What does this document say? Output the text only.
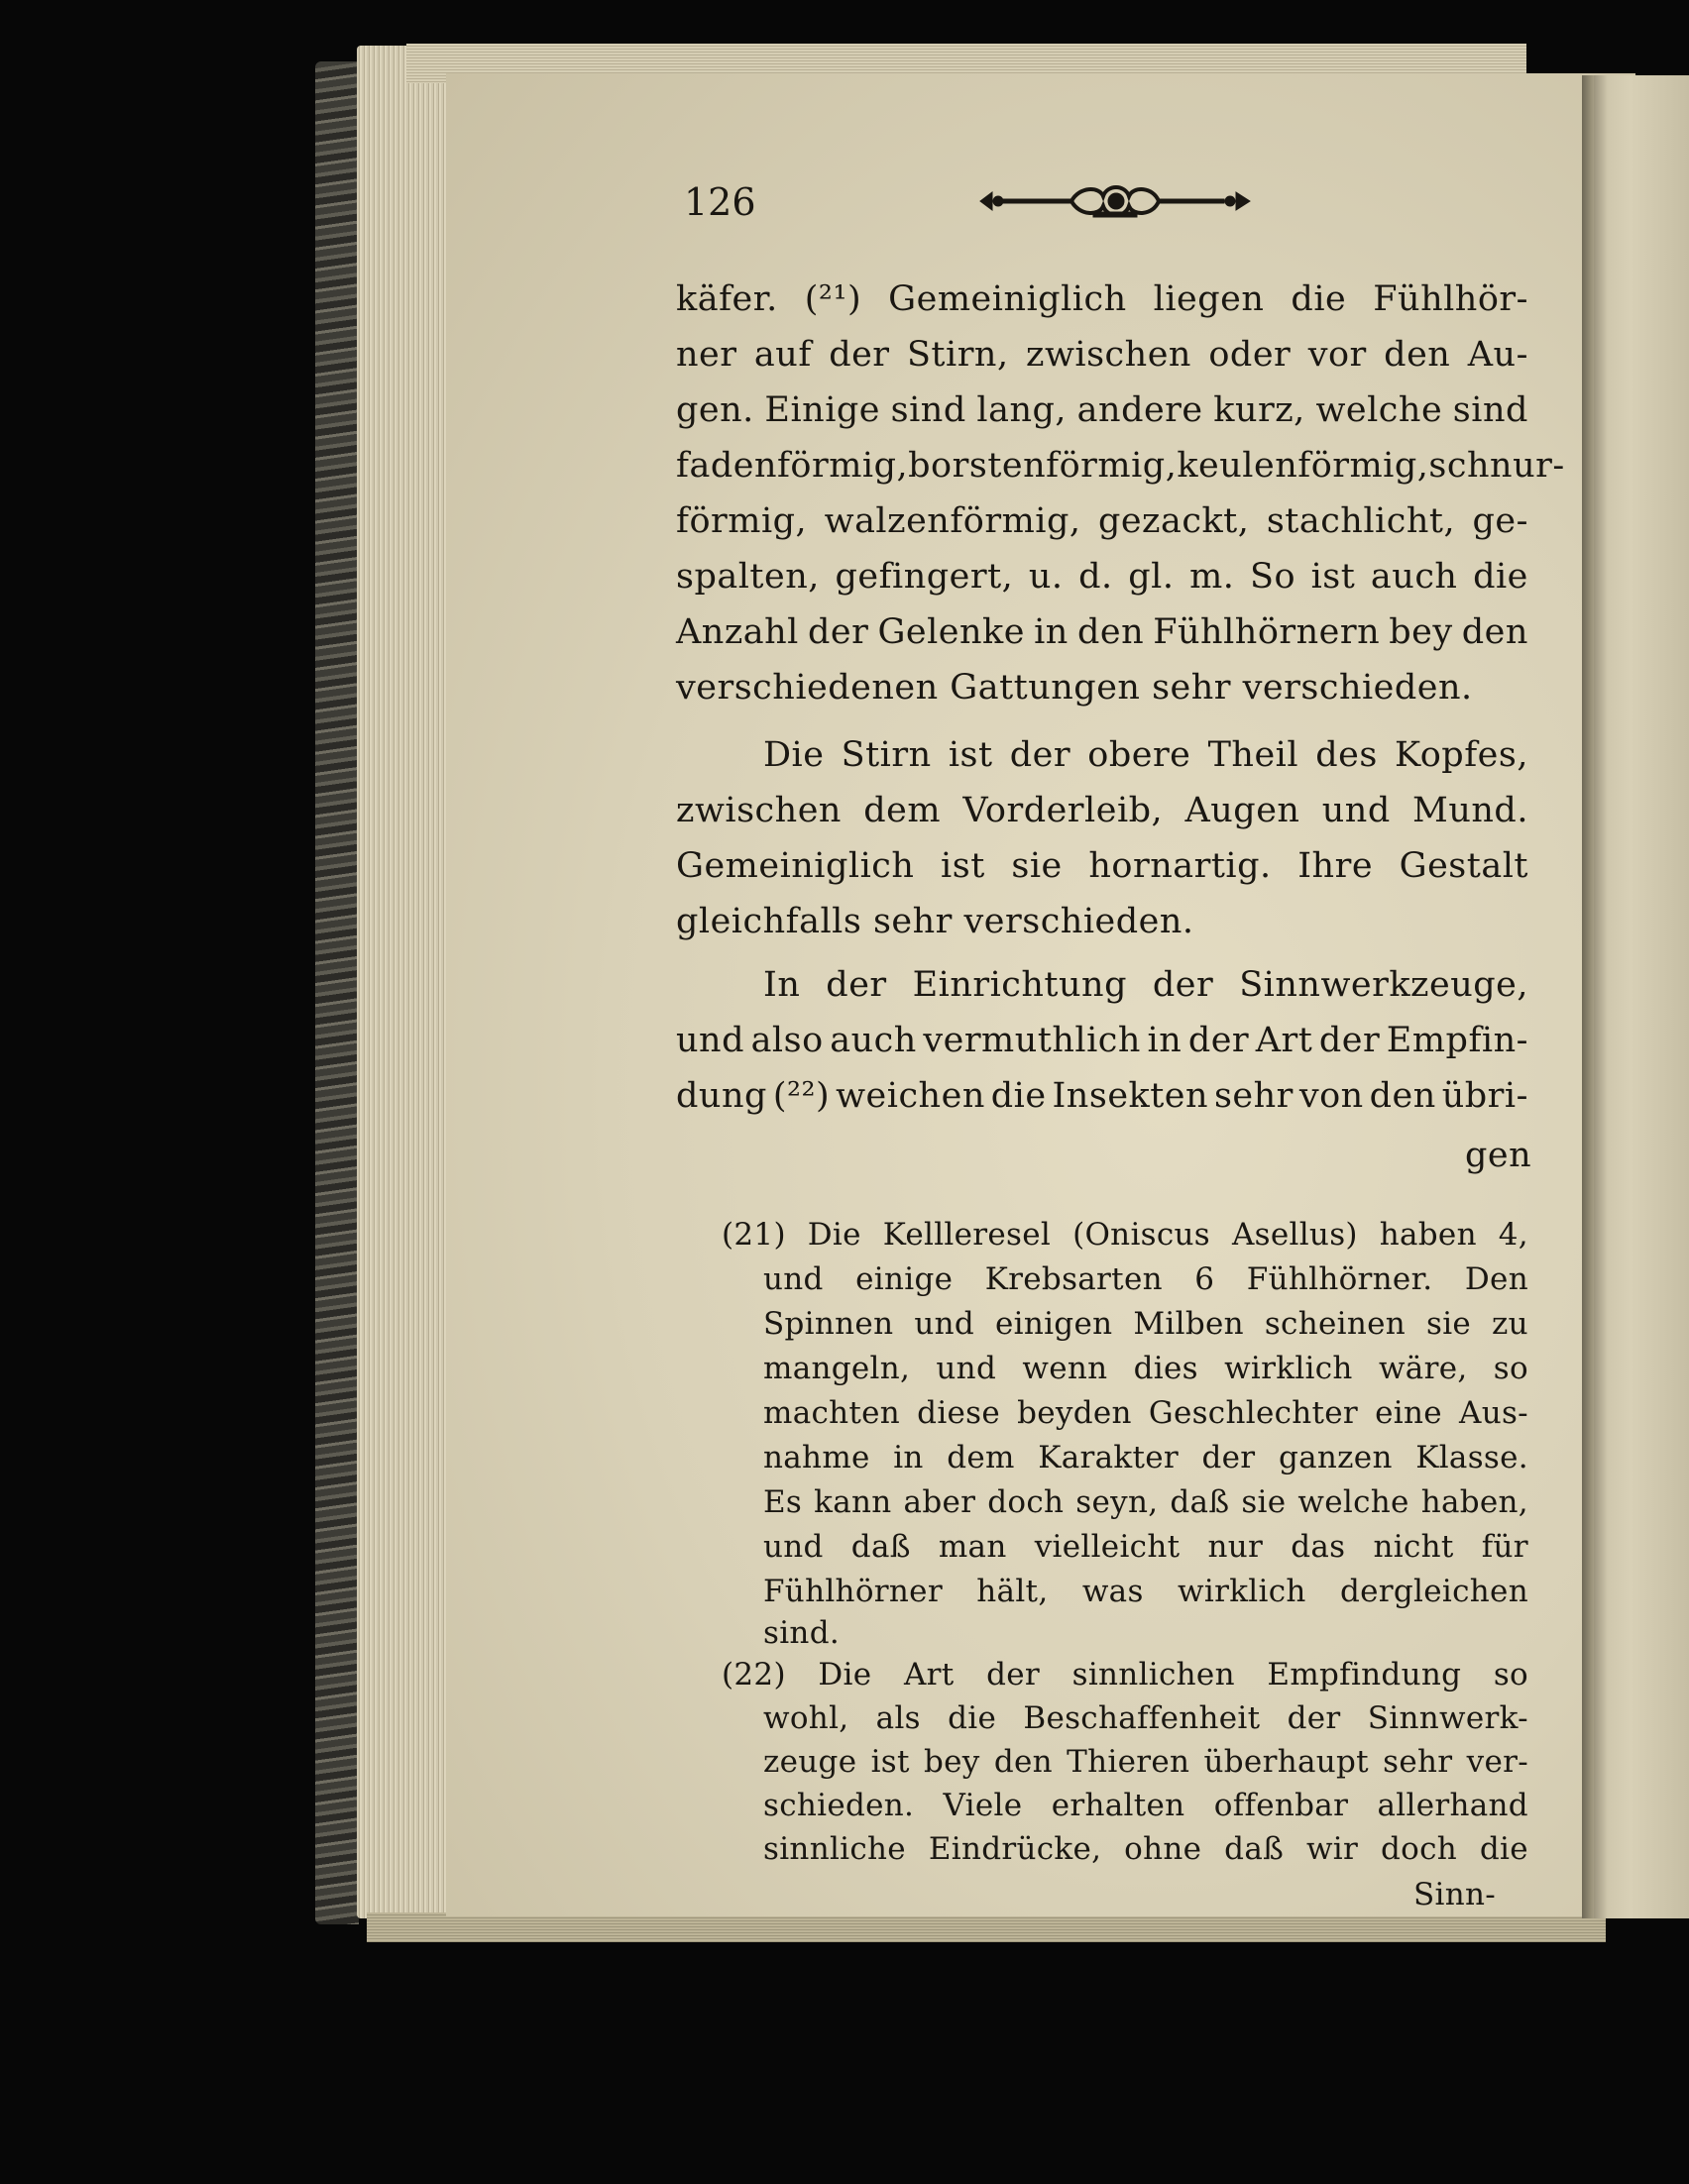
126
käfer. (²¹) Gemeiniglich liegen die Fühlhör-
ner auf der Stirn, zwischen oder vor den Au-
gen. Einige sind lang, andere kurz, welche sind
fadenförmig, borstenförmig, keulenförmig, schnur-
förmig, walzenförmig, gezackt, stachlicht, ge-
spalten, gefingert, u. d. gl. m. So ist auch die
Anzahl der Gelenke in den Fühlhörnern bey den
verschiedenen Gattungen sehr verschieden.
Die Stirn ist der obere Theil des Kopfes,
zwischen dem Vorderleib, Augen und Mund.
Gemeiniglich ist sie hornartig. Ihre Gestalt
gleichfalls sehr verschieden.
In der Einrichtung der Sinnwerkzeuge,
und also auch vermuthlich in der Art der Empfin-
dung (²²) weichen die Insekten sehr von den übri-
gen
(21) Die Kellleresel (Oniscus Asellus) haben 4,
und einige Krebsarten 6 Fühlhörner. Den
Spinnen und einigen Milben scheinen sie zu
mangeln, und wenn dies wirklich wäre, so
machten diese beyden Geschlechter eine Aus-
nahme in dem Karakter der ganzen Klasse.
Es kann aber doch seyn, daß sie welche haben,
und daß man vielleicht nur das nicht für
Fühlhörner hält, was wirklich dergleichen
sind.
(22) Die Art der sinnlichen Empfindung so
wohl, als die Beschaffenheit der Sinnwerk-
zeuge ist bey den Thieren überhaupt sehr ver-
schieden. Viele erhalten offenbar allerhand
sinnliche Eindrücke, ohne daß wir doch die
Sinn-
